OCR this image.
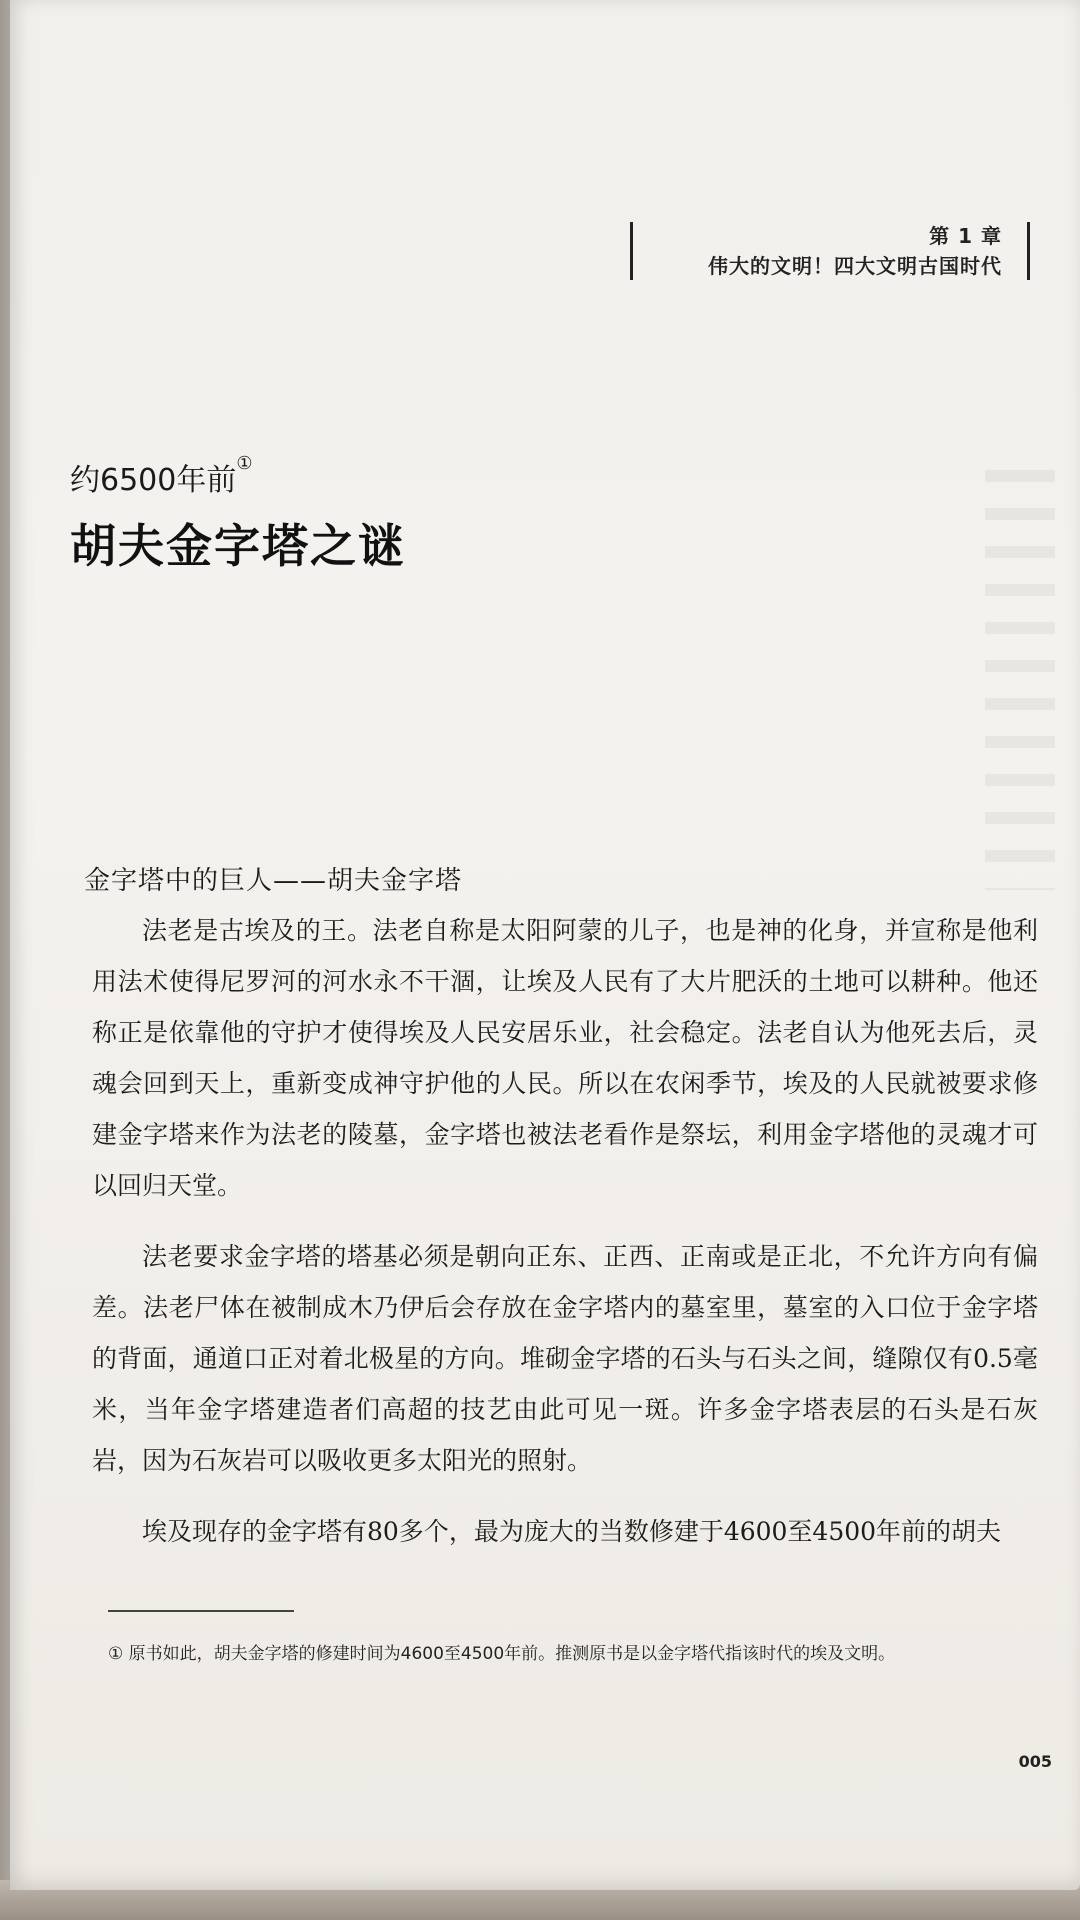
第 1 章
伟大的文明！四大文明古国时代
约6500年前①
胡夫金字塔之谜
金字塔中的巨人——胡夫金字塔

法老是古埃及的王。法老自称是太阳阿蒙的儿子，也是神的化身，并宣称是他利用法术使得尼罗河的河水永不干涸，让埃及人民有了大片肥沃的土地可以耕种。他还称正是依靠他的守护才使得埃及人民安居乐业，社会稳定。法老自认为他死去后，灵魂会回到天上，重新变成神守护他的人民。所以在农闲季节，埃及的人民就被要求修建金字塔来作为法老的陵墓，金字塔也被法老看作是祭坛，利用金字塔他的灵魂才可以回归天堂。

法老要求金字塔的塔基必须是朝向正东、正西、正南或是正北，不允许方向有偏差。法老尸体在被制成木乃伊后会存放在金字塔内的墓室里，墓室的入口位于金字塔的背面，通道口正对着北极星的方向。堆砌金字塔的石头与石头之间，缝隙仅有0.5毫米，当年金字塔建造者们高超的技艺由此可见一斑。许多金字塔表层的石头是石灰岩，因为石灰岩可以吸收更多太阳光的照射。

埃及现存的金字塔有80多个，最为庞大的当数修建于4600至4500年前的胡夫

① 原书如此，胡夫金字塔的修建时间为4600至4500年前。推测原书是以金字塔代指该时代的埃及文明。
005
